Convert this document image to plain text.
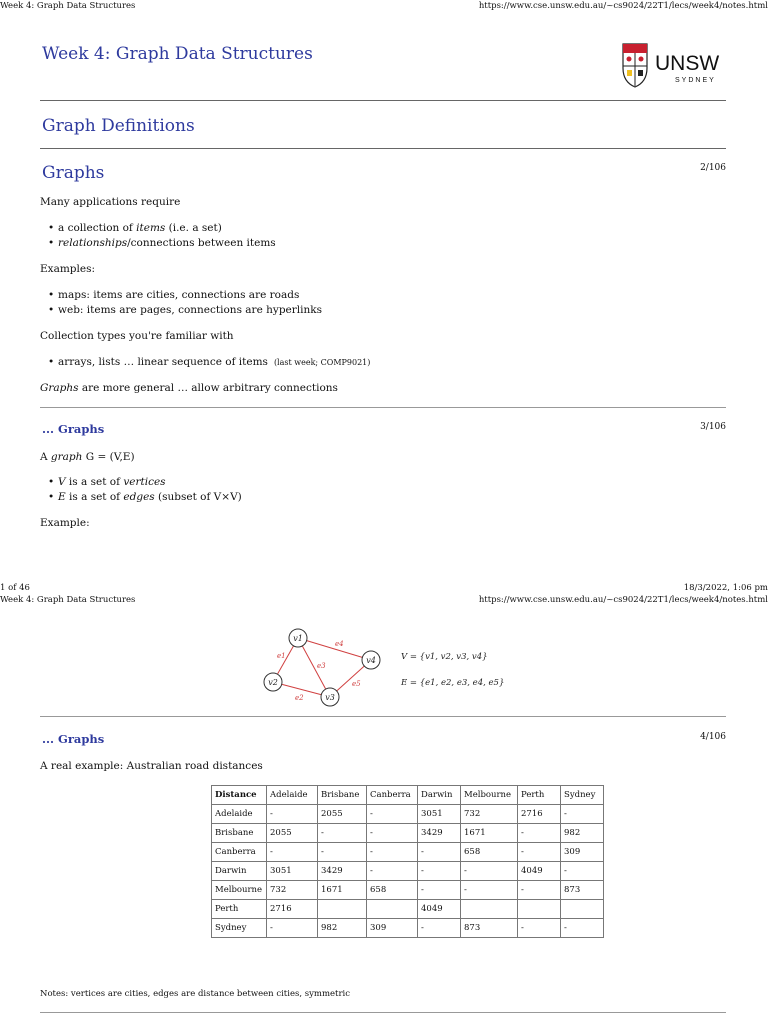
Week 4: Graph Data Structures	https://www.cse.unsw.edu.au/~cs9024/22T1/lecs/week4/notes.html
Week 4: Graph Data Structures	UNSW
SYDNEY
Graph Definitions
Graphs	2/106
Many applications require
• a collection of items (i.e. a set)
• relationships/connections between items
Examples:
• maps: items are cities, connections are roads
• web: items are pages, connections are hyperlinks
Collection types you're familiar with
• arrays, lists … linear sequence of items (last week; COMP9021)
Graphs are more general … allow arbitrary connections
... Graphs	3/106
A graph G = (V,E)
• V is a set of vertices
• E is a set of edges (subset of V×V)
Example:
1 of 46	18/3/2022, 1:06 pm
Week 4: Graph Data Structures	https://www.cse.unsw.edu.au/~cs9024/22T1/lecs/week4/notes.html
e1
e2
e3
e4
e5
v1
v2
v3
v4	V = {v1, v2, v3, v4}
E = {e1, e2, e3, e4, e5}
... Graphs	4/106
A real example: Australian road distances
Distance	Adelaide	Brisbane	Canberra	Darwin	Melbourne	Perth	Sydney
Adelaide	-	2055	-	3051	732	2716	-
Brisbane	2055	-	-	3429	1671	-	982
Canberra	-	-	-	-	658	-	309
Darwin	3051	3429	-	-	-	4049	-
Melbourne	732	1671	658	-	-	-	873
Perth	2716			4049			
Sydney	-	982	309	-	873	-	-
Notes: vertices are cities, edges are distance between cities, symmetric
